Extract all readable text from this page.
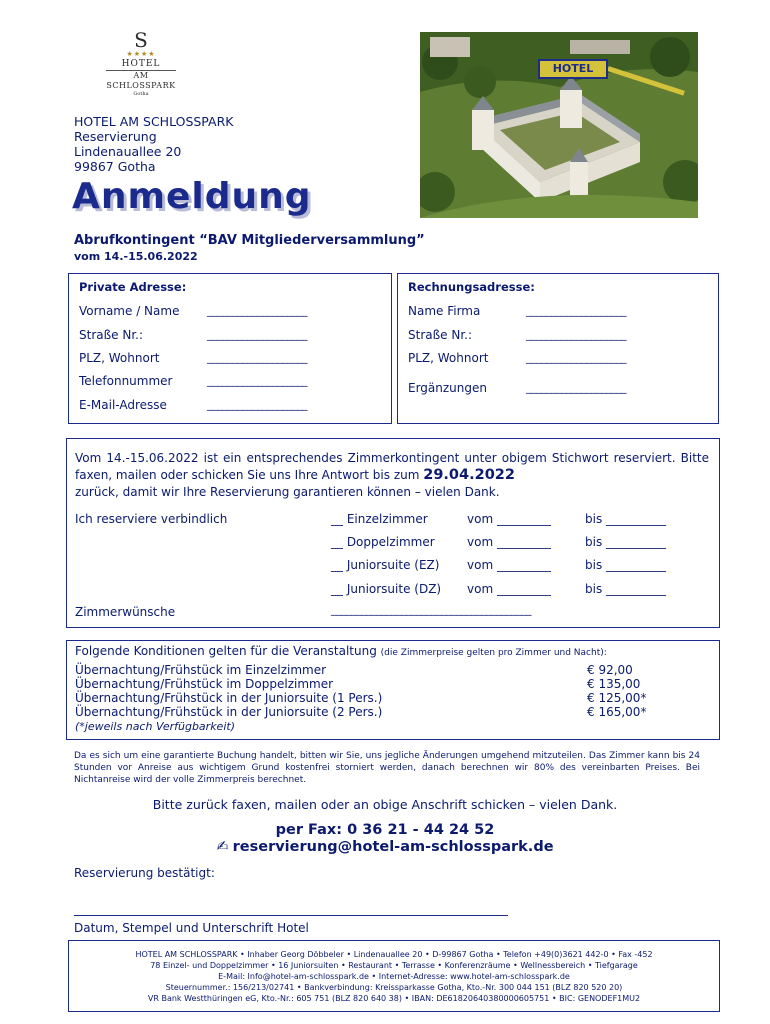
S
★★★★
HOTEL
AM SCHLOSSPARK
Gotha
HOTEL AM SCHLOSSPARK
Reservierung
Lindenauallee 20
99867 Gotha
HOTEL
Anmeldung
Abrufkontingent “BAV Mitgliederversammlung”
vom 14.-15.06.2022
Private Adresse:
Vorname / Name	____________________
Straße Nr.:	____________________
PLZ, Wohnort	____________________
Telefonnummer	____________________
E-Mail-Adresse	____________________
Rechnungsadresse:
Name Firma	____________________
Straße Nr.:	____________________
PLZ, Wohnort	____________________
Ergänzungen	____________________
Vom 14.-15.06.2022 ist ein entsprechendes Zimmerkontingent unter obigem Stichwort reserviert. Bitte faxen, mailen oder schicken Sie uns Ihre Antwort bis zum 29.04.2022
zurück, damit wir Ihre Reservierung garantieren können – vielen Dank.
Ich reserviere verbindlich	__ Einzelzimmer	vom _________	bis __________
__ Doppelzimmer	vom _________	bis __________
__ Juniorsuite (EZ) vom _________	bis __________
__ Juniorsuite (DZ) vom _________	bis __________
Zimmerwünsche	________________________________________
Folgende Konditionen gelten für die Veranstaltung (die Zimmerpreise gelten pro Zimmer und Nacht):
Übernachtung/Frühstück im Einzelzimmer	€ 92,00
Übernachtung/Frühstück im Doppelzimmer	€ 135,00
Übernachtung/Frühstück in der Juniorsuite (1 Pers.)	€ 125,00*
Übernachtung/Frühstück in der Juniorsuite (2 Pers.)	€ 165,00*
(*jeweils nach Verfügbarkeit)
Da es sich um eine garantierte Buchung handelt, bitten wir Sie, uns jegliche Änderungen umgehend mitzuteilen. Das Zimmer kann bis 24 Stunden vor Anreise aus wichtigem Grund kostenfrei storniert werden, danach berechnen wir 80% des vereinbarten Preises. Bei Nichtanreise wird der volle Zimmerpreis berechnet.
Bitte zurück faxen, mailen oder an obige Anschrift schicken – vielen Dank.
per Fax: 0 36 21 - 44 24 52
✍ reservierung@hotel-am-schlosspark.de
Reservierung bestätigt:
Datum, Stempel und Unterschrift Hotel
HOTEL AM SCHLOSSPARK • Inhaber Georg Döbbeler • Lindenauallee 20 • D-99867 Gotha • Telefon +49(0)3621 442-0 • Fax -452
78 Einzel- und Doppelzimmer • 16 Juniorsuiten • Restaurant • Terrasse • Konferenzräume • Wellnessbereich • Tiefgarage
E-Mail: Info@hotel-am-schlosspark.de • Internet-Adresse: www.hotel-am-schlosspark.de
Steuernummer.: 156/213/02741 • Bankverbindung: Kreissparkasse Gotha, Kto.-Nr. 300 044 151 (BLZ 820 520 20)
VR Bank Westthüringen eG, Kto.-Nr.: 605 751 (BLZ 820 640 38) • IBAN: DE61820640380000605751 • BIC: GENODEF1MU2
